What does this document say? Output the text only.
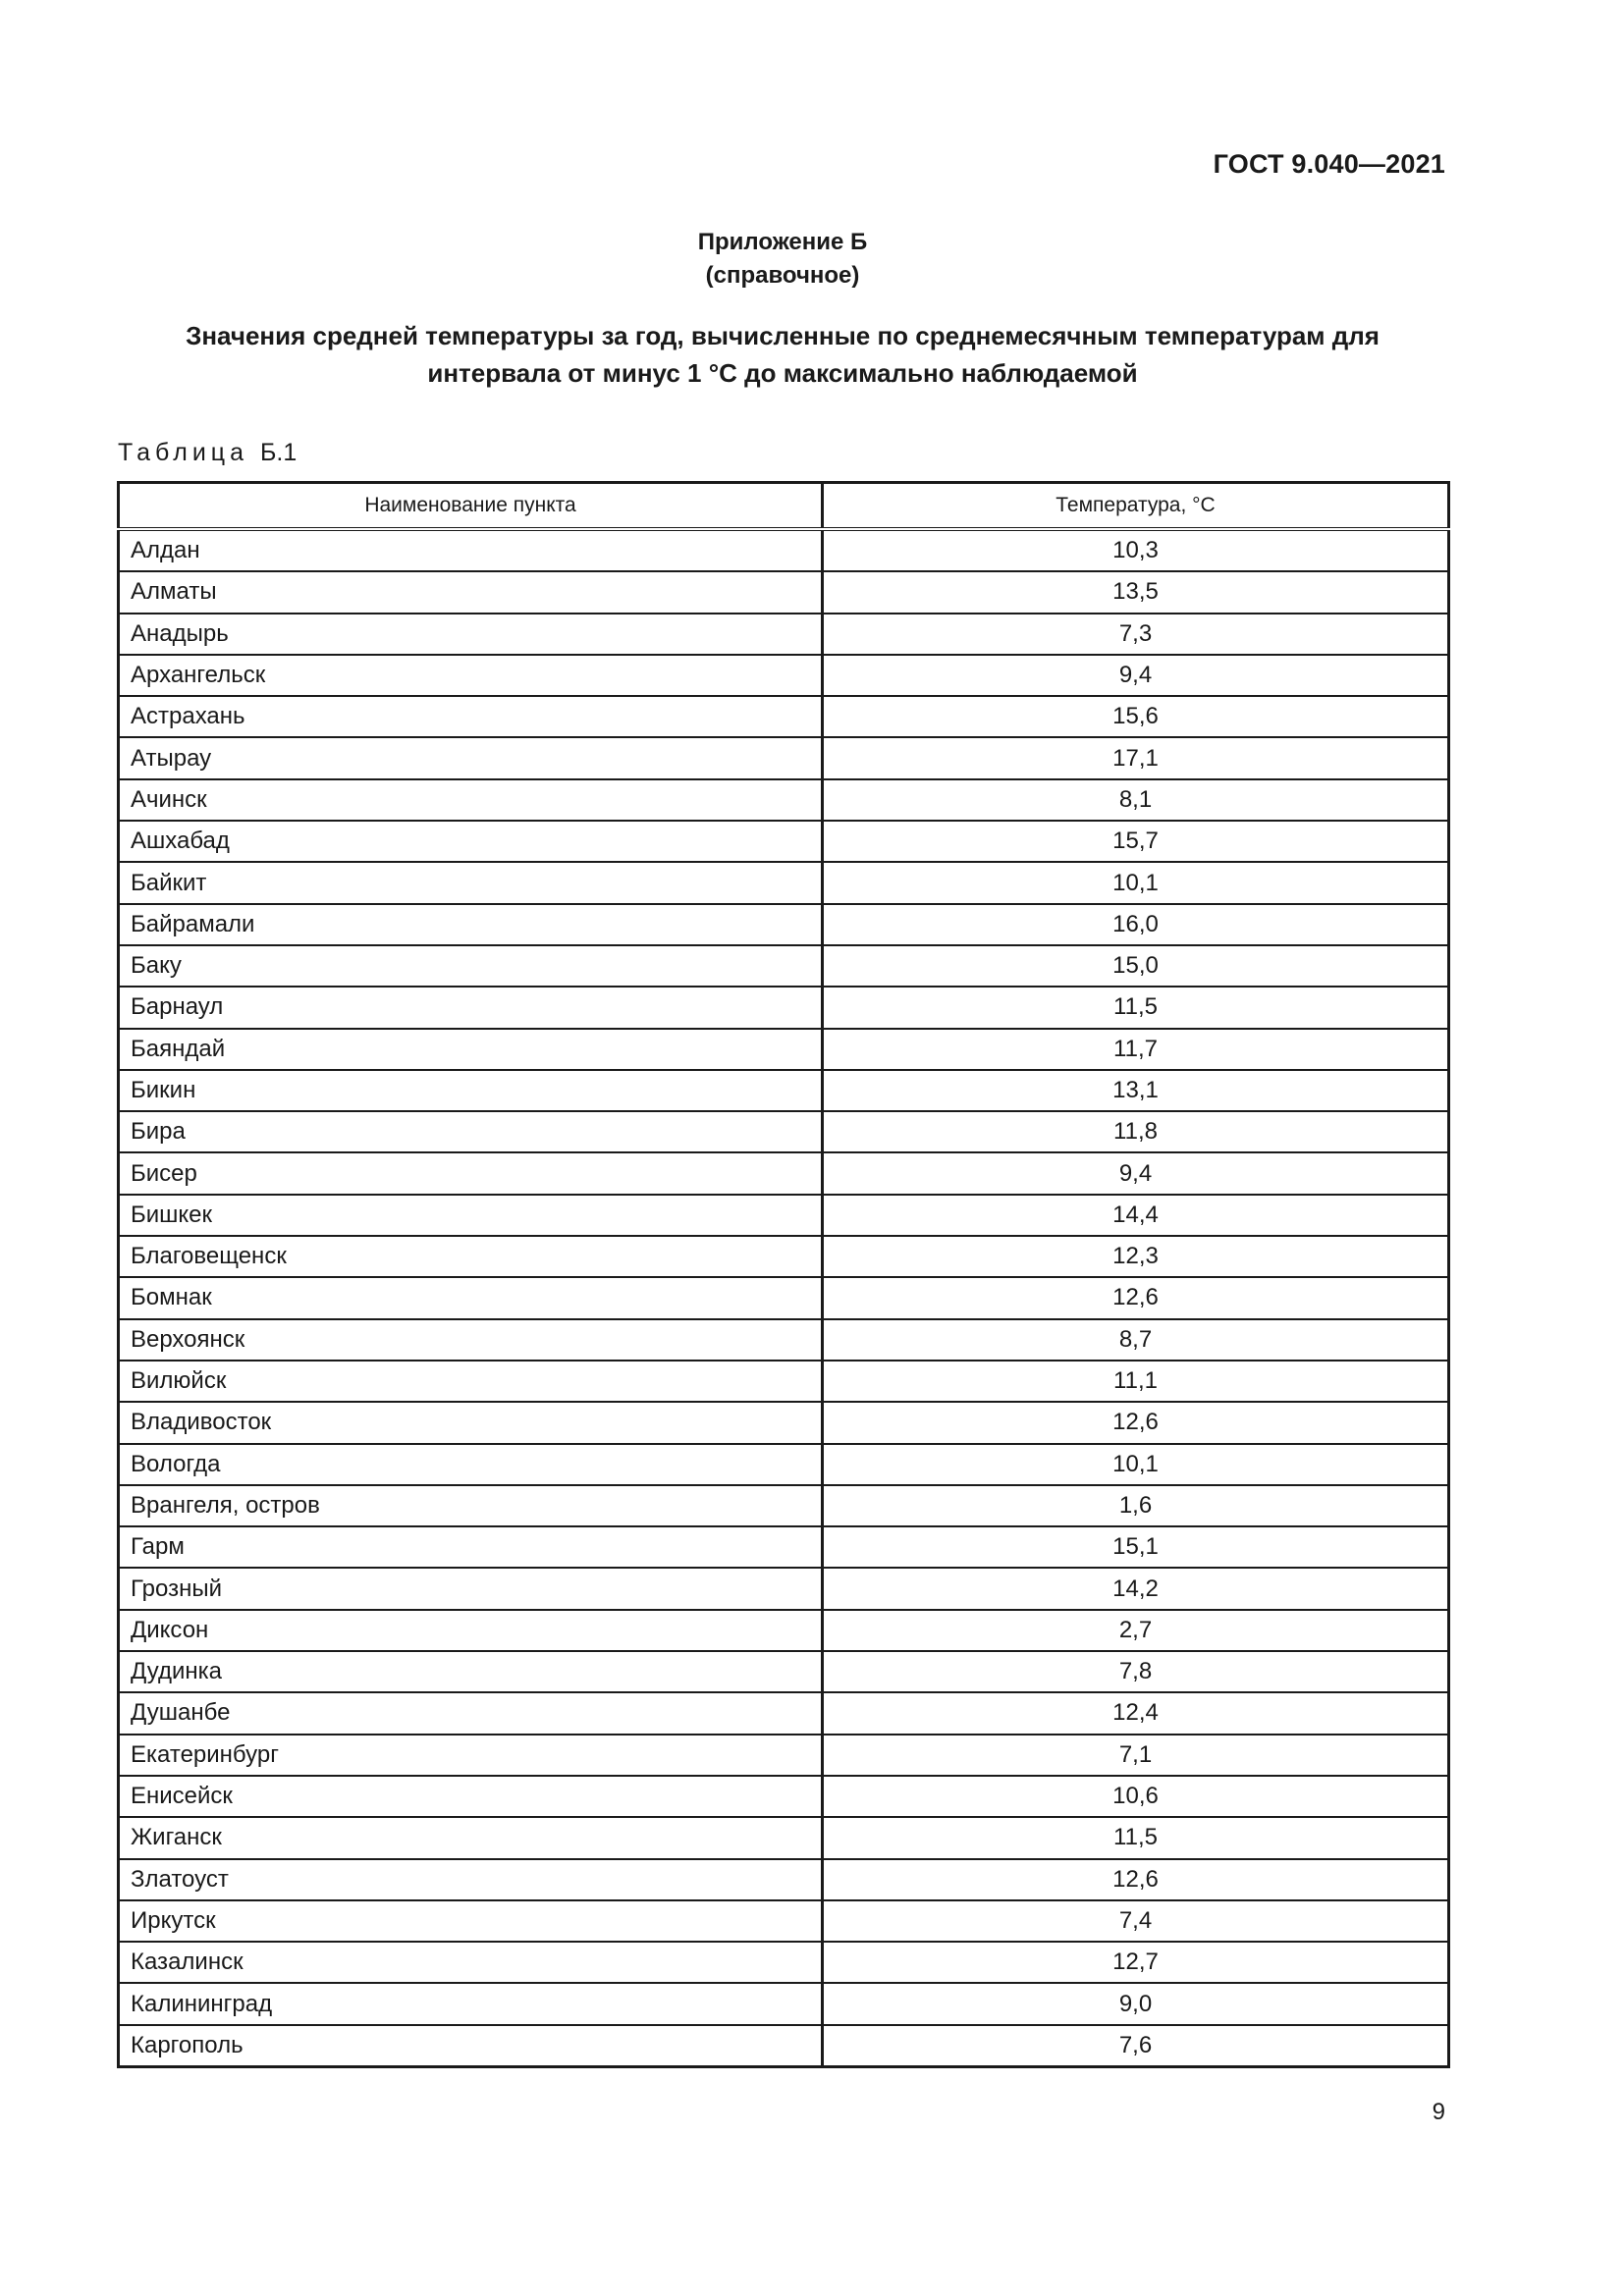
ГОСТ 9.040—2021
Приложение Б
(справочное)
Значения средней температуры за год, вычисленные по среднемесячным температурам для
интервала от минус 1 °С до максимально наблюдаемой
Таблица Б.1
Наименование пункта	Температура, °С
Алдан	10,3
Алматы	13,5
Анадырь	7,3
Архангельск	9,4
Астрахань	15,6
Атырау	17,1
Ачинск	8,1
Ашхабад	15,7
Байкит	10,1
Байрамали	16,0
Баку	15,0
Барнаул	11,5
Баяндай	11,7
Бикин	13,1
Бира	11,8
Бисер	9,4
Бишкек	14,4
Благовещенск	12,3
Бомнак	12,6
Верхоянск	8,7
Вилюйск	11,1
Владивосток	12,6
Вологда	10,1
Врангеля, остров	1,6
Гарм	15,1
Грозный	14,2
Диксон	2,7
Дудинка	7,8
Душанбе	12,4
Екатеринбург	7,1
Енисейск	10,6
Жиганск	11,5
Златоуст	12,6
Иркутск	7,4
Казалинск	12,7
Калининград	9,0
Каргополь	7,6
9
